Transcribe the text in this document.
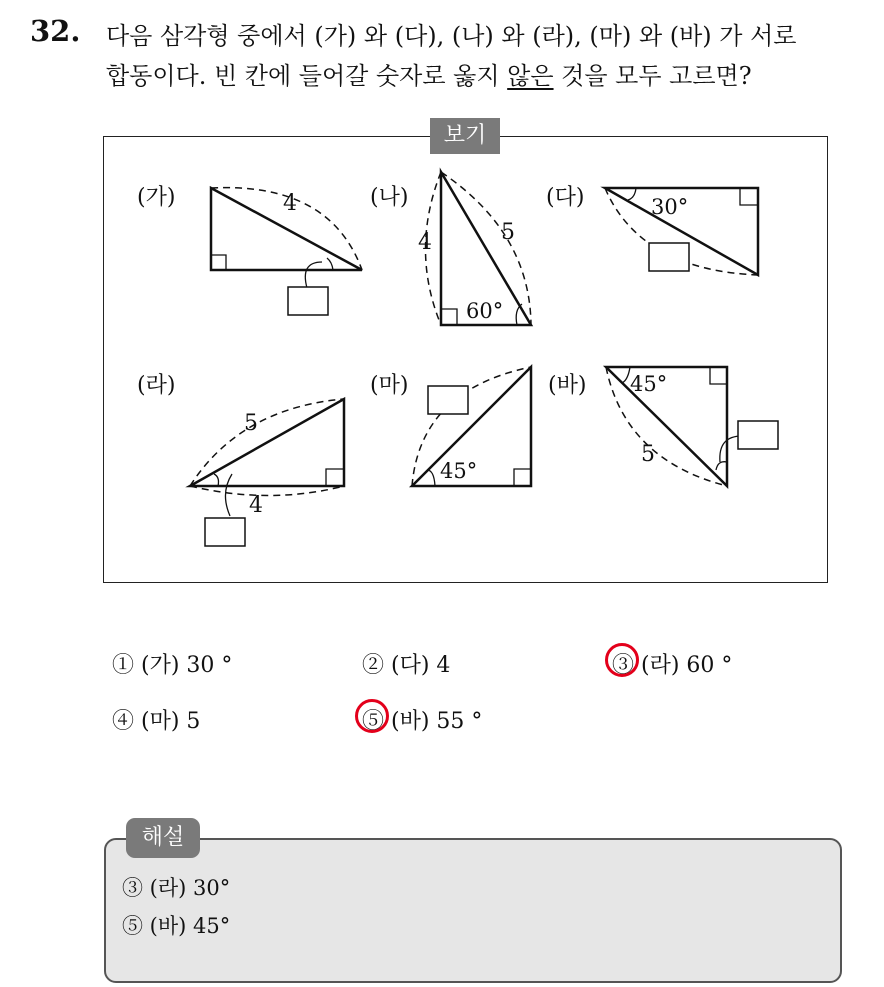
32. 다음 삼각형 중에서 (가) 와 (다), (나) 와 (라), (마) 와 (바) 가 서로
합동이다. 빈 칸에 들어갈 숫자로 옳지 않은 것을 모두 고르면?
보기
(가)	4	(나)
4	5
60°
(다)	30°
(라)
5
4
(마)
45°
(바) 45°
5
① (가) 30 °	② (다) 4	③ (라) 60 °
④ (마) 5	⑤ (바) 55 °
해설
③ (라) 30°
⑤ (바) 45°
